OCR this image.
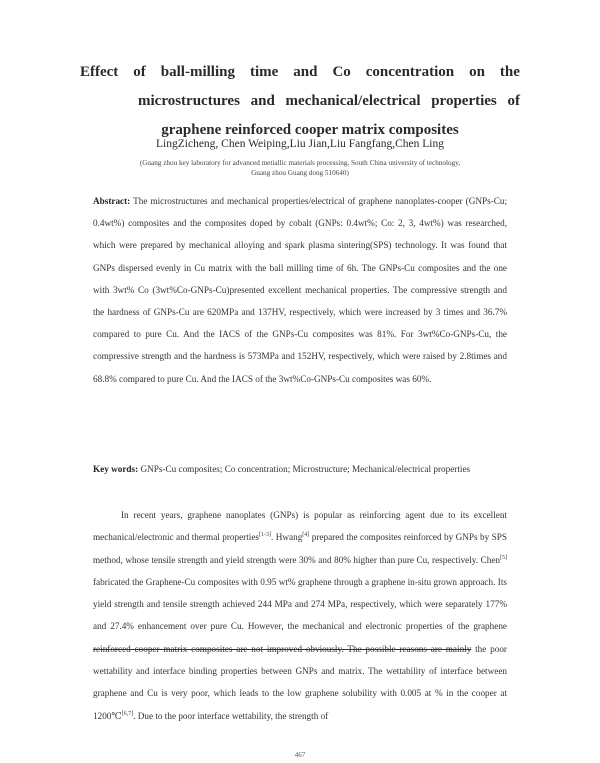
Effect of ball-milling time and Co concentration on the
microstructures and mechanical/electrical properties of
graphene reinforced cooper matrix composites
LingZicheng, Chen Weiping,Liu Jian,Liu Fangfang,Chen Ling
(Guang zhou key laboratory for advanced metiallic materials processing, South China university of technology,
Guang zhou Guang dong 510640)
Abstract: The microstructures and mechanical properties/electrical of graphene nanoplates-cooper (GNPs-Cu; 0.4wt%) composites and the composites doped by cobalt (GNPs: 0.4wt%; Co: 2, 3, 4wt%) was researched, which were prepared by mechanical alloying and spark plasma sintering(SPS) technology. It was found that GNPs dispersed evenly in Cu matrix with the ball milling time of 6h. The GNPs-Cu composites and the one with 3wt% Co (3wt%Co-GNPs-Cu)presented excellent mechanical properties. The compressive strength and the hardness of GNPs-Cu are 620MPa and 137HV, respectively, which were increased by 3 times and 36.7% compared to pure Cu. And the IACS of the GNPs-Cu composites was 81%. For 3wt%Co-GNPs-Cu, the compressive strength and the hardness is 573MPa and 152HV, respectively, which were raised by 2.8times and 68.8% compared to pure Cu. And the IACS of the 3wt%Co-GNPs-Cu composites was 60%.
Key words: GNPs-Cu composites; Co concentration; Microstructure; Mechanical/electrical properties
In recent years, graphene nanoplates (GNPs) is popular as reinforcing agent due to its excellent mechanical/electronic and thermal properties[1-3]. Hwang[4] prepared the composites reinforced by GNPs by SPS method, whose tensile strength and yield strength were 30% and 80% higher than pure Cu, respectively. Chen[5] fabricated the Graphene-Cu composites with 0.95 wt% graphene through a graphene in-situ grown approach. Its yield strength and tensile strength achieved 244 MPa and 274 MPa, respectively, which were separately 177% and 27.4% enhancement over pure Cu. However, the mechanical and electronic properties of the graphene reinforced cooper matrix composites are not improved obviously. The possible reasons are mainly the poor wettability and interface binding properties between GNPs and matrix. The wettability of interface between graphene and Cu is very poor, which leads to the low graphene solubility with 0.005 at % in the cooper at 1200℃[6,7]. Due to the poor interface wettability, the strength of
467
